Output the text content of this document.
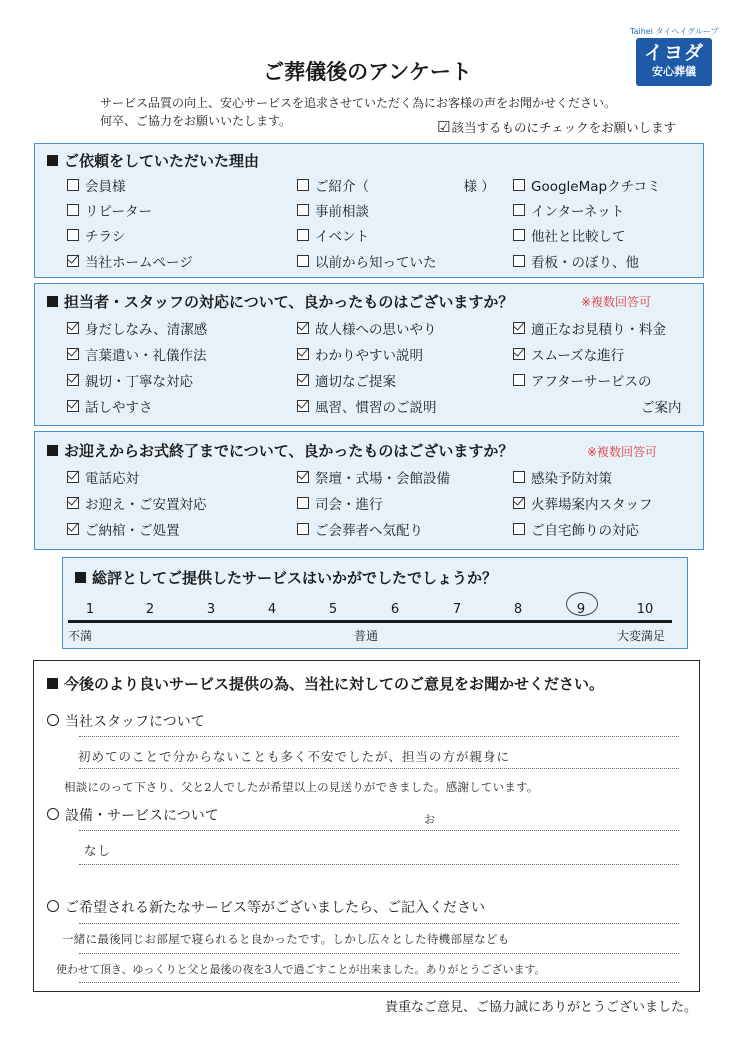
Taihei タイヘイグループ
イヨダ
安心葬儀
ご葬儀後のアンケート
サービス品質の向上、安心サービスを追求させていただく為にお客様の声をお聞かせください。
何卒、ご協力をお願いいたします。	☑該当するものにチェックをお願いします
ご依頼をしていただいた理由
会員様	ご紹介（　　　　　　　様 ）	GoogleMapクチコミ
リピーター	事前相談	インターネット
チラシ	イベント	他社と比較して
当社ホームページ	以前から知っていた	看板・のぼり、他
担当者・スタッフの対応について、良かったものはございますか？	※複数回答可
身だしなみ、清潔感	故人様への思いやり	適正なお見積り・料金
言葉遣い・礼儀作法	わかりやすい説明	スムーズな進行
親切・丁寧な対応	適切なご提案	アフターサービスの
話しやすさ	風習、慣習のご説明	ご案内
お迎えからお式終了までについて、良かったものはございますか？	※複数回答可
電話応対	祭壇・式場・会館設備	感染予防対策
お迎え・ご安置対応	司会・進行	火葬場案内スタッフ
ご納棺・ご処置	ご会葬者へ気配り	ご自宅飾りの対応
総評としてご提供したサービスはいかがでしたでしょうか？
1	2	3	4	5	6	7	8	9	10
不満	普通	大変満足
今後のより良いサービス提供の為、当社に対してのご意見をお聞かせください。
当社スタッフについて
初めてのことで分からないことも多く不安でしたが、担当の方が親身に
相談にのって下さり、父と2人でしたが希望以上の見送りができました。感謝しています。
お
設備・サービスについて
なし
ご希望される新たなサービス等がございましたら、ご記入ください
一緒に最後同じお部屋で寝られると良かったです。しかし広々とした待機部屋なども
使わせて頂き、ゆっくりと父と最後の夜を3人で過ごすことが出来ました。ありがとうございます。
貴重なご意見、ご協力誠にありがとうございました。
